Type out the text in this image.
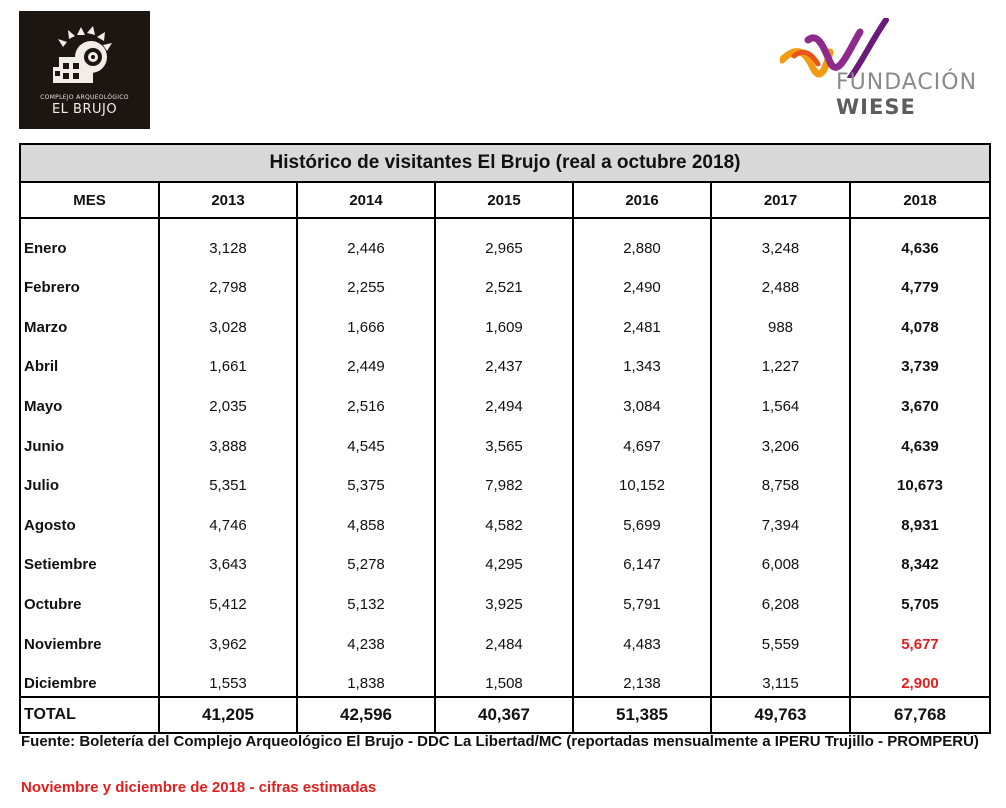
COMPLEJO ARQUEOLÓGICO
EL BRUJO
FUNDACIÓN
WIESE
Histórico de visitantes El Brujo (real a octubre 2018)						
MES	2013	2014	2015	2016	2017	2018

Enero	3,128	2,446	2,965	2,880	3,248	4,636
Febrero	2,798	2,255	2,521	2,490	2,488	4,779
Marzo	3,028	1,666	1,609	2,481	988	4,078
Abril	1,661	2,449	2,437	1,343	1,227	3,739
Mayo	2,035	2,516	2,494	3,084	1,564	3,670
Junio	3,888	4,545	3,565	4,697	3,206	4,639
Julio	5,351	5,375	7,982	10,152	8,758	10,673
Agosto	4,746	4,858	4,582	5,699	7,394	8,931
Setiembre	3,643	5,278	4,295	6,147	6,008	8,342
Octubre	5,412	5,132	3,925	5,791	6,208	5,705
Noviembre	3,962	4,238	2,484	4,483	5,559	5,677
Diciembre	1,553	1,838	1,508	2,138	3,115	2,900
TOTAL	41,205	42,596	40,367	51,385	49,763	67,768
Fuente: Boletería del Complejo Arqueológico El Brujo - DDC La Libertad/MC (reportadas mensualmente a IPERU Trujillo - PROMPERÚ)
Noviembre y diciembre de 2018 - cifras estimadas
